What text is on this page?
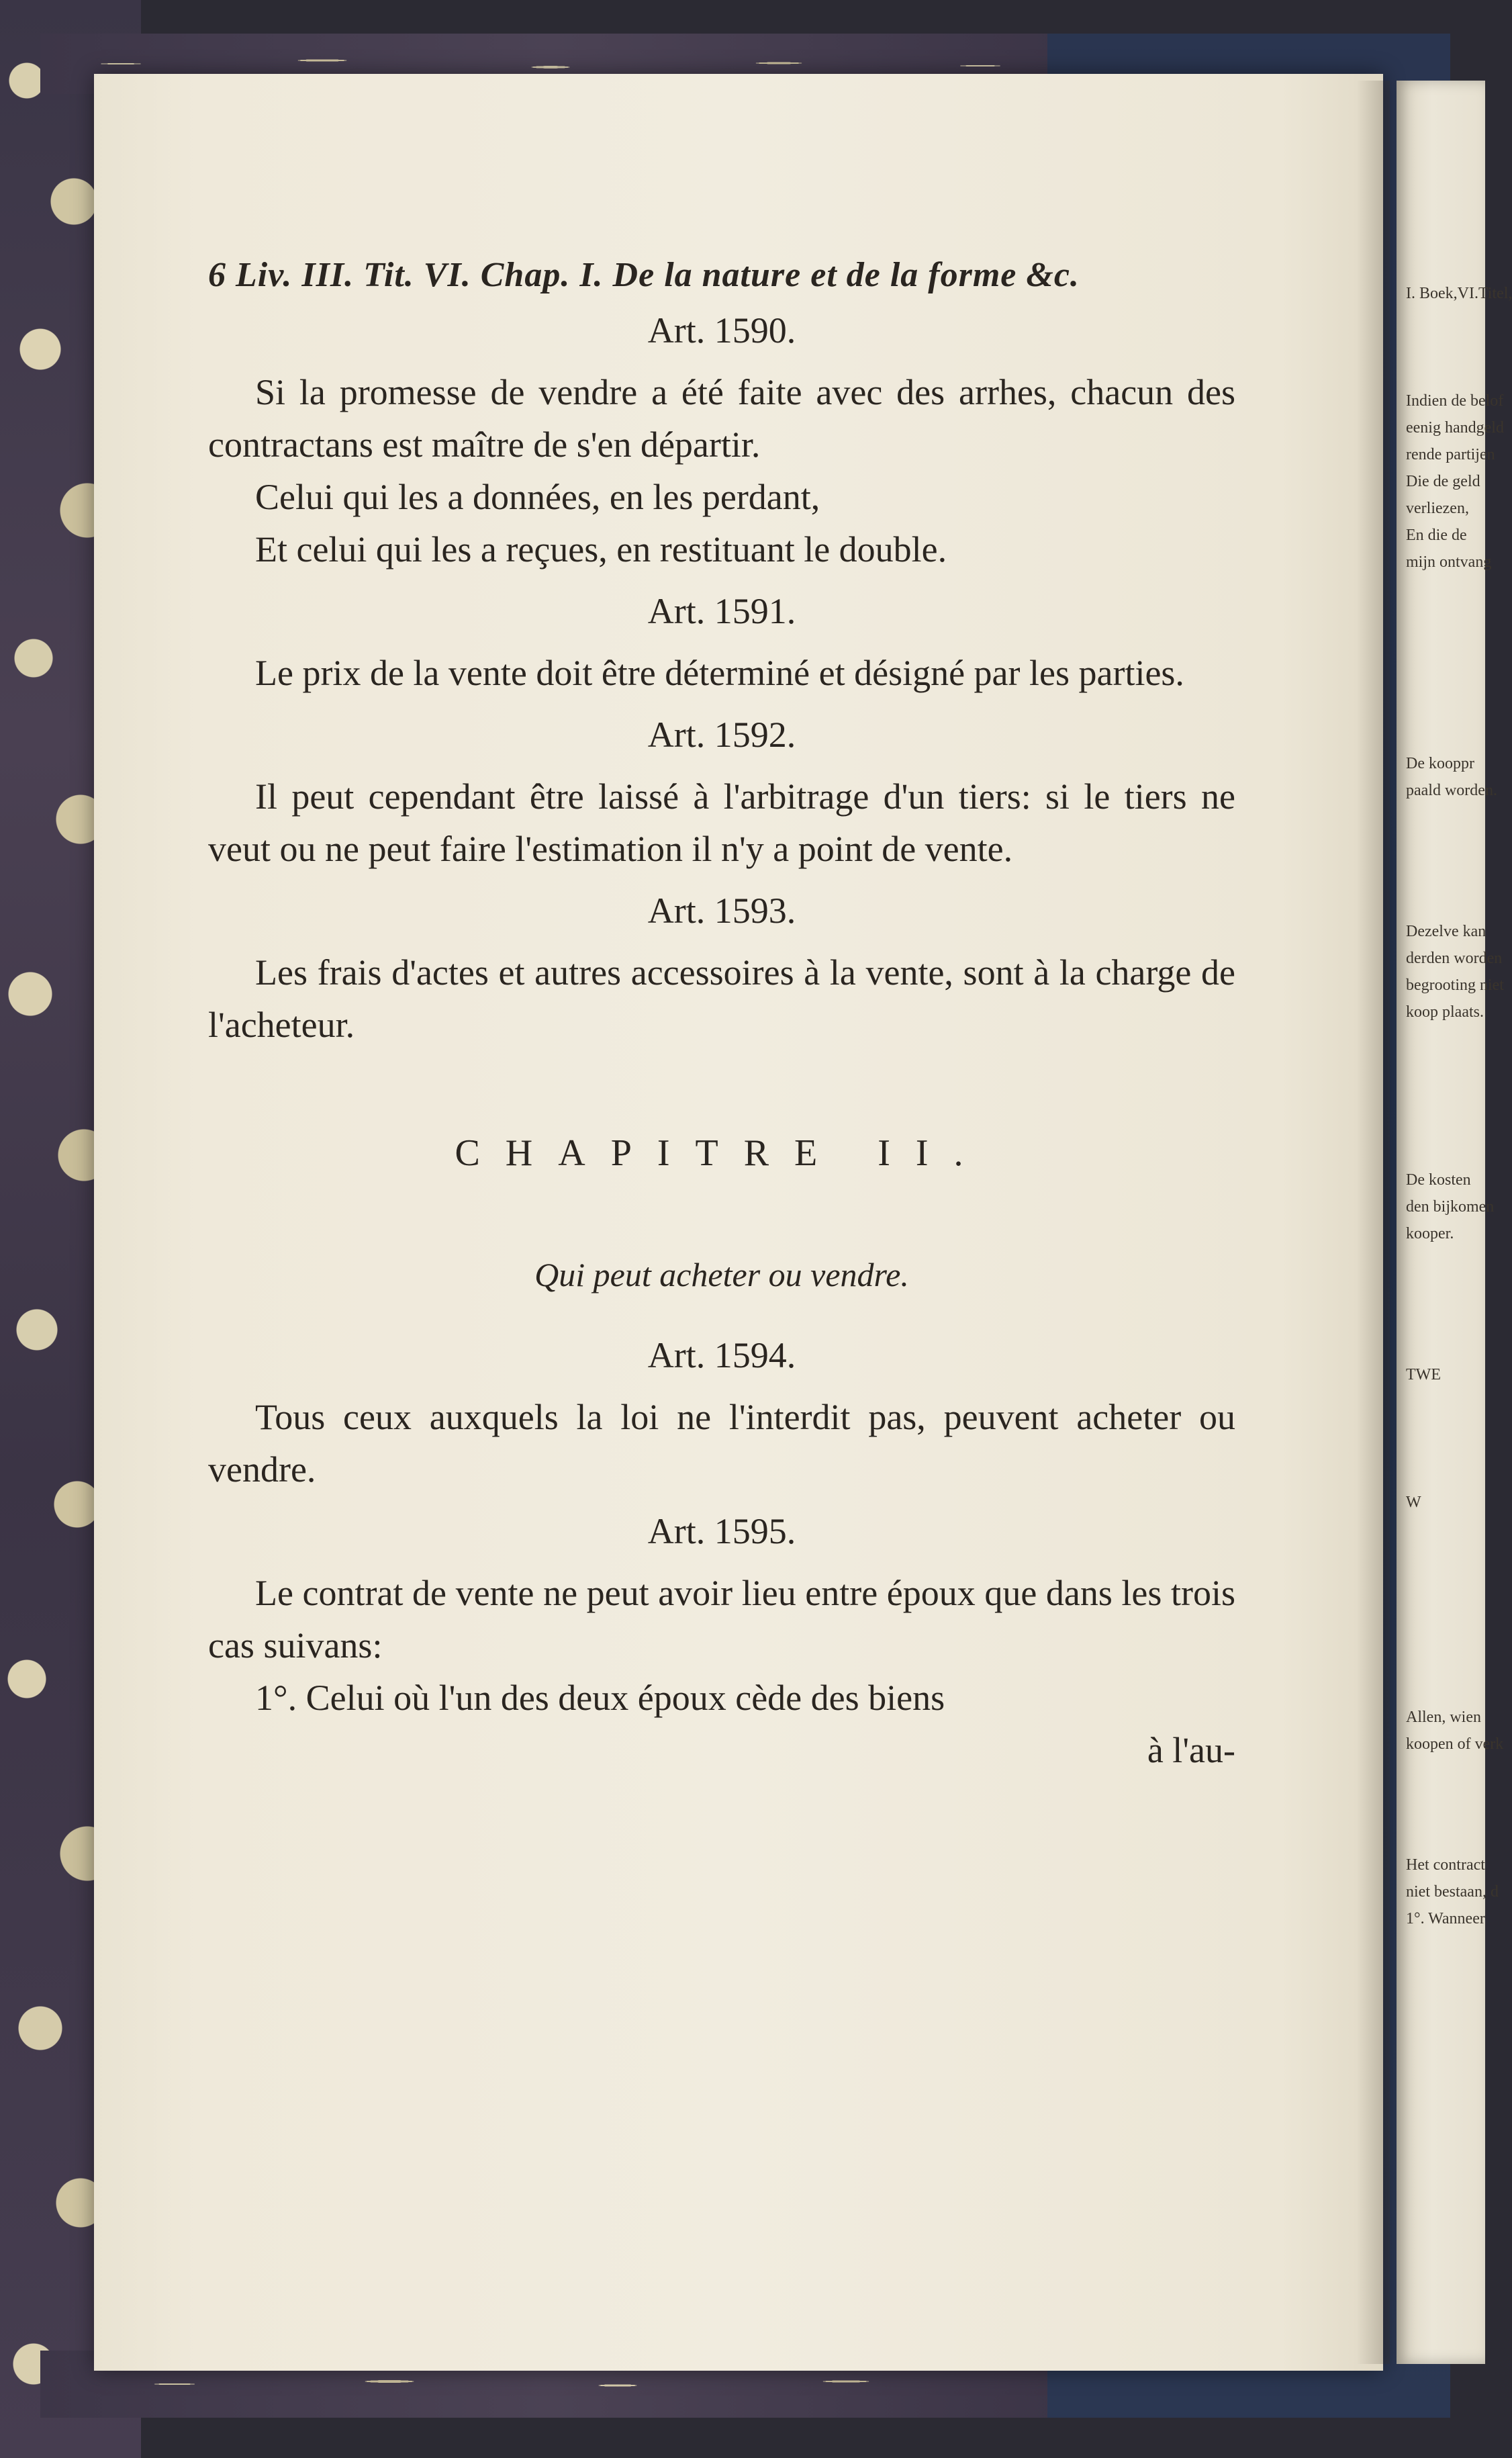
I. Boek,VI.Titel,
Indien de belof
eenig handgeld
rende partijen
Die de geld
verliezen,
En die de
mijn ontvang
De kooppr
paald worden.
Dezelve kan
derden worden
begrooting niet
koop plaats.
De kosten
den bijkomen
kooper.
TWE
W
Allen, wien
koopen of verk
Het contract
niet bestaan, d
1°. Wanneer
6 Liv. III. Tit. VI. Chap. I. De la nature et de la forme &c.
Art. 1590.

Si la promesse de vendre a été faite avec des arrhes, chacun des contractans est maître de s'en départir.

Celui qui les a données, en les perdant,

Et celui qui les a reçues, en restituant le double.

Art. 1591.

Le prix de la vente doit être déterminé et désigné par les parties.

Art. 1592.

Il peut cependant être laissé à l'arbitrage d'un tiers: si le tiers ne veut ou ne peut faire l'estimation il n'y a point de vente.

Art. 1593.

Les frais d'actes et autres accessoires à la vente, sont à la charge de l'acheteur.

CHAPITRE II.
Qui peut acheter ou vendre.
Art. 1594.

Tous ceux auxquels la loi ne l'interdit pas, peuvent acheter ou vendre.

Art. 1595.

Le contrat de vente ne peut avoir lieu entre époux que dans les trois cas suivans:

1°. Celui où l'un des deux époux cède des biens

à l'au-
